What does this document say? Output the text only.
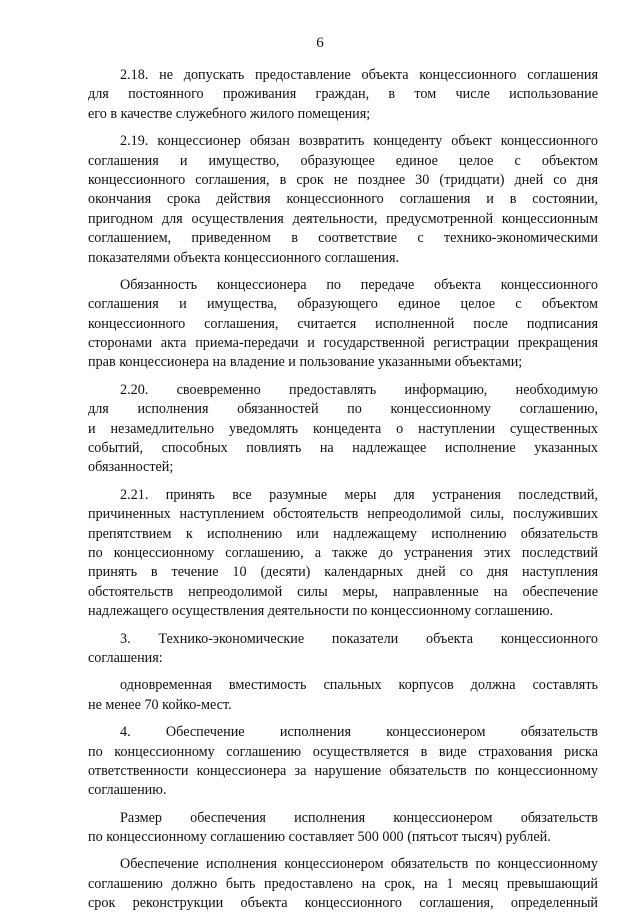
6
2.18. не допускать предоставление объекта концессионного соглашения
для постоянного проживания граждан, в том числе использование
его в качестве служебного жилого помещения;
2.19. концессионер обязан возвратить концеденту объект концессионного
соглашения и имущество, образующее единое целое с объектом
концессионного соглашения, в срок не позднее 30 (тридцати) дней со дня
окончания срока действия концессионного соглашения и в состоянии,
пригодном для осуществления деятельности, предусмотренной концессионным
соглашением, приведенном в соответствие с технико-экономическими
показателями объекта концессионного соглашения.
Обязанность концессионера по передаче объекта концессионного
соглашения и имущества, образующего единое целое с объектом
концессионного соглашения, считается исполненной после подписания
сторонами акта приема-передачи и государственной регистрации прекращения
прав концессионера на владение и пользование указанными объектами;
2.20. своевременно предоставлять информацию, необходимую
для исполнения обязанностей по концессионному соглашению,
и незамедлительно уведомлять концедента о наступлении существенных
событий, способных повлиять на надлежащее исполнение указанных
обязанностей;
2.21. принять все разумные меры для устранения последствий,
причиненных наступлением обстоятельств непреодолимой силы, послуживших
препятствием к исполнению или надлежащему исполнению обязательств
по концессионному соглашению, а также до устранения этих последствий
принять в течение 10 (десяти) календарных дней со дня наступления
обстоятельств непреодолимой силы меры, направленные на обеспечение
надлежащего осуществления деятельности по концессионному соглашению.
3. Технико-экономические показатели объекта концессионного
соглашения:
одновременная вместимость спальных корпусов должна составлять
не менее 70 койко-мест.
4. Обеспечение исполнения концессионером обязательств
по концессионному соглашению осуществляется в виде страхования риска
ответственности концессионера за нарушение обязательств по концессионному
соглашению.
Размер обеспечения исполнения концессионером обязательств
по концессионному соглашению составляет 500 000 (пятьсот тысяч) рублей.
Обеспечение исполнения концессионером обязательств по концессионному
соглашению должно быть предоставлено на срок, на 1 месяц превышающий
срок реконструкции объекта концессионного соглашения, определенный
